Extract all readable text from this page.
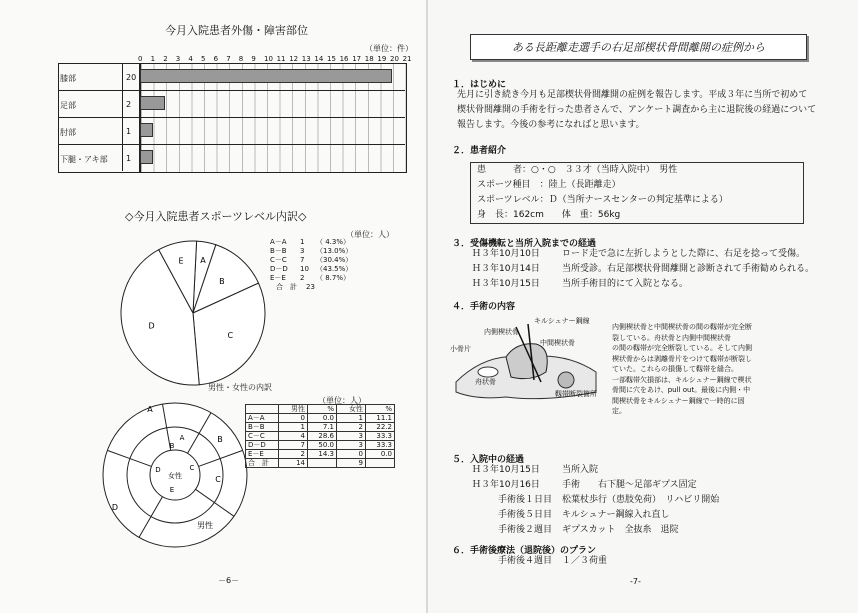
今月入院患者外傷・障害部位
（単位：件）

◇今月入院患者スポーツレベル内訳◇
（単位：人）
A
B
C
D
E
A－A	1	（ 4.3%）
B－B	3	（13.0%）
C－C	7	（30.4%）
D－D	10	（43.5%）
E－E	2	（ 8.7%）
合　計 23
男性・女性の内訳
（単位：人）
A
B
C
D
E
A
B
C
D
男性
女性
	男性	%	女性	%
A－A	0	0.0	1	11.1
B－B	1	7.1	2	22.2
C－C	4	28.6	3	33.3
D－D	7	50.0	3	33.3
E－E	2	14.3	0	0.0
合　計	14		9	
－6－
0 1 2 3 4 5 6 7 8 9 10 11 12 13 14 15 16 17 18 19 20 21
膝部	20
足部	2
肘部	1
下腿・アキ部 1
ある長距離走選手の右足部楔状骨間離開の症例から
１．はじめに
先月に引き続き今月も足部楔状骨間離開の症例を報告します。平成３年に当所で初めて
楔状骨間離開の手術を行った患者さんで、アンケート調査から主に退院後の経過について
報告します。今後の参考になればと思います。
２．患者紹介
患　　　者：○・○　３３才（当時入院中）　男性
スポーツ種目　：陸上（長距離走）
スポーツレベル：Ｄ（当所ナースセンターの判定基準による）
身　長：162cm　　体　重：56kg
３．受傷機転と当所入院までの経過
Ｈ３年10月10日 ロード走で急に左折しようとした際に、右足を捻って受傷。
Ｈ３年10月14日 当所受診。右足部楔状骨間離開と診断されて手術勧められる。
Ｈ３年10月15日 当所手術目的にて入院となる。
４．手術の内容
キルシュナー鋼線
内側楔状骨
中間楔状骨
小骨片
舟状骨
靱帯断裂箇所
内側楔状骨と中間楔状骨の間の靱帯が完全断
裂している。舟状骨と内側中間楔状骨
の間の靱帯が完全断裂している。そして内側
楔状骨からは剥離骨片をつけて靱帯が断裂し
ていた。これらの損傷して靱帯を縫合。
一部靱帯欠損部は、キルシュナー鋼線で楔状
骨間に穴をあけ、pull out。最後に内側・中
間楔状骨をキルシュナー鋼線で一時的に固
定。
５．入院中の経過
Ｈ３年10月15日 当所入院
Ｈ３年10月16日 手術　　右下腿～足部ギプス固定
手術後１日目 松葉杖歩行（患肢免荷）　リハビリ開始
手術後５日目 キルシュナー鋼線入れ直し
手術後２週目 ギプスカット　全抜糸　退院
６．手術後療法（退院後）のプラン
手術後４週目 １／３荷重
-7-
